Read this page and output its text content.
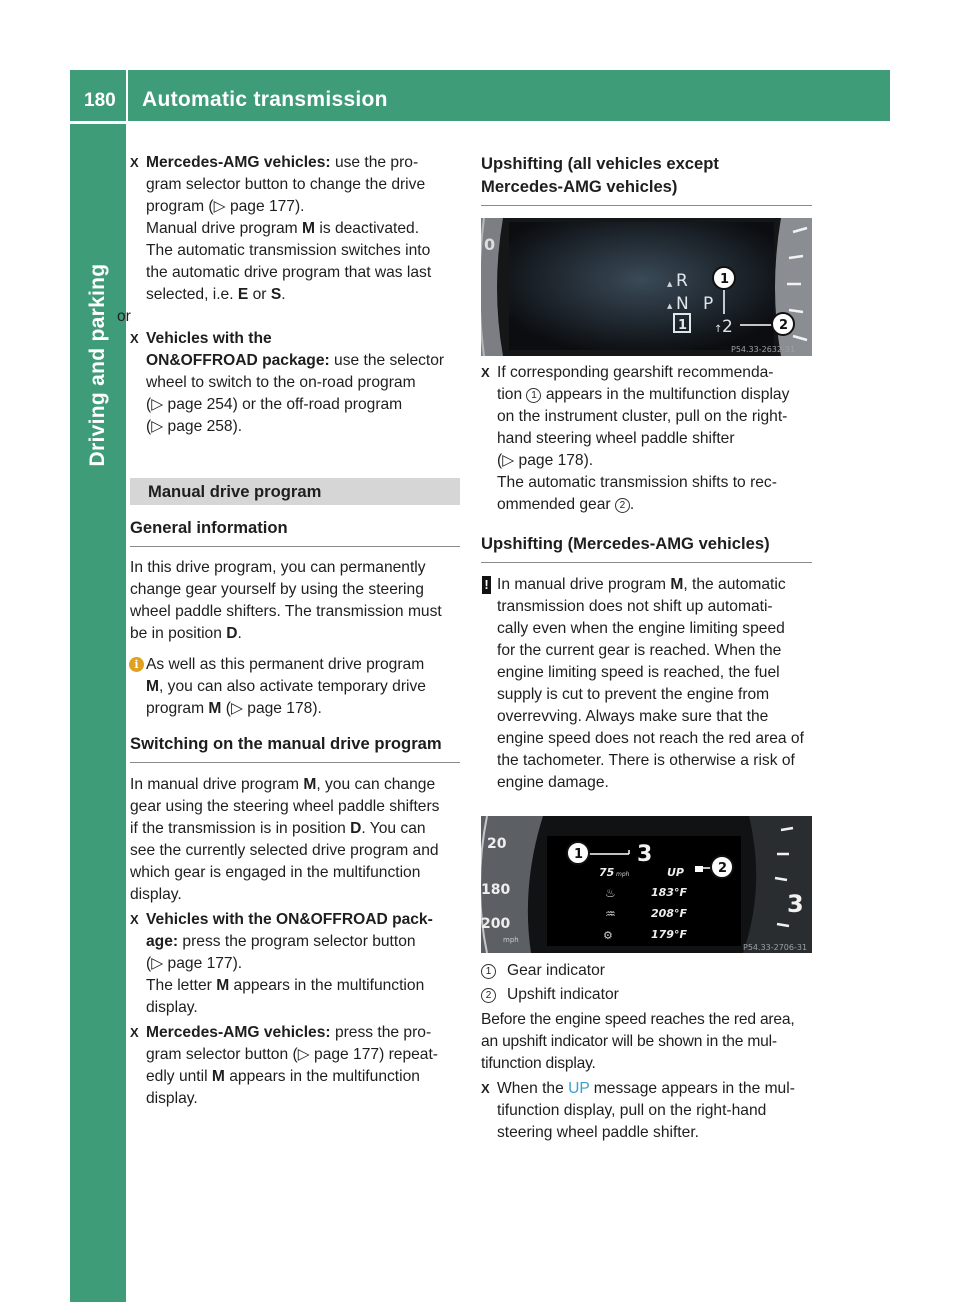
180 Automatic transmission
Driving and parking
X Mercedes-AMG vehicles: use the pro-
gram selector button to change the drive
program (▷ page 177).
Manual drive program M is deactivated.
The automatic transmission switches into
the automatic drive program that was last
selected, i.e. E or S.

or

X Vehicles with the
ON&OFFROAD package: use the selector
wheel to switch to the on-road program
(▷ page 254) or the off-road program
(▷ page 258).

Manual drive program
General information

In this drive program, you can permanently
change gear yourself by using the steering
wheel paddle shifters. The transmission must
be in position D.

i As well as this permanent drive program
M, you can also activate temporary drive
program M (▷ page 178).

Switching on the manual drive program

In manual drive program M, you can change
gear using the steering wheel paddle shifters
if the transmission is in position D. You can
see the currently selected drive program and
which gear is engaged in the multifunction
display.

X Vehicles with the ON&OFFROAD pack-
age: press the program selector button
(▷ page 177).
The letter M appears in the multifunction
display.

X Mercedes-AMG vehicles: press the pro-
gram selector button (▷ page 177) repeat-
edly until M appears in the multifunction
display.

Upshifting (all vehicles except
Mercedes-AMG vehicles)
0
▲ R
▲ N P
1	↑ 2
1
2
P54.33-2632-31
X If corresponding gearshift recommenda-
tion 1 appears in the multifunction display
on the instrument cluster, pull on the right-
hand steering wheel paddle shifter
(▷ page 178).
The automatic transmission shifts to rec-
ommended gear 2 .

Upshifting (Mercedes-AMG vehicles)
! In manual drive program M, the automatic
transmission does not shift up automati-
cally even when the engine limiting speed
for the current gear is reached. When the
engine limiting speed is reached, the fuel
supply is cut to prevent the engine from
overrevving. Always make sure that the
engine speed does not reach the red area of
the tachometer. There is otherwise a risk of
engine damage.

20
180
200
mph
3
75 mph	UP
♨
♒
⚙
183°F
208°F
179°F
3
1
2
P54.33-2706-31
1	Gear indicator

2	Upshift indicator

Before the engine speed reaches the red area,
an upshift indicator will be shown in the mul-
tifunction display.

X When the UP message appears in the mul-
tifunction display, pull on the right-hand
steering wheel paddle shifter.
